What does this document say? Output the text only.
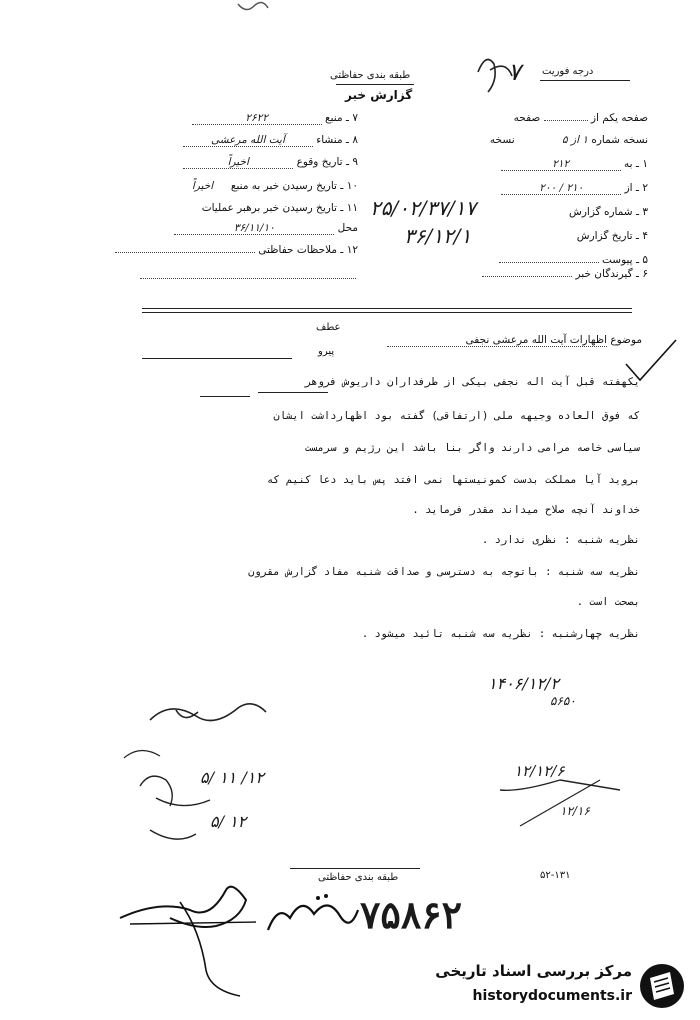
طبقه بندی حفاظتی
گزارش خبر
درجه فوریت
۷
صفحه یکم از  صفحه
نسخه شماره ۱ از ۵ نسخه
۱ ـ به ۲۱۲
۲ ـ از ۲۱۰ / ۲۰۰
۳ ـ شماره گزارش
۴ ـ تاریخ گزارش
۵ ـ پیوست
۶ ـ گیرندگان خبر
۲۵/۰۲/۳۷/۱۷
۳۶/۱۲/۱
۷ ـ منبع ۲۶۲۲
۸ ـ منشاء آیت الله مرعشی
۹ ـ تاریخ وقوع اخیراً
۱۰ ـ تاریخ رسیدن خبر به منبع اخیراً
۱۱ ـ تاریخ رسیدن خبر برهبر عملیات
محل ۳۶/۱۱/۱۰
۱۲ ـ ملاحظات حفاظتی
عطف
پیرو
موضوع اظهارات آیت الله مرعشی نجفی
یکهفته قبل آیت اله نجفی بیکی از طرفداران داریوش فروهر
که فوق العاده وجیهه ملی (ارتفاقی) گفته بود اظهارداشت ایشان
سیاسی خاصه مرامی دارند واگر بنا باشد این رژیم و سرمست
بروید آیا مملکت بدست کمونیستها نمی افتد پس باید دعا کنیم که
خداوند آنچه صلاح میداند مقدر فرماید .
نظریه شنبه : نظری ندارد .
نظریه سه شنبه : باتوجه به دسترسی و صداقت شنبه مفاد گزارش مقرون
بصحت است .
نظریه چهارشنبه : نظریه سه شنبه تائید میشود .
۱۴۰۶/۱۲/۲
۵۶۵۰
۵/ ۱۱ /۱۲
۵/ ۱۲
۱۲/۱۲/۶
۱۲/۱۶
طبقه بندی حفاظتی	۵۲-۱۳۱
۷۵۸۶۲
مرکز بررسی اسناد تاریخی
historydocuments.ir
